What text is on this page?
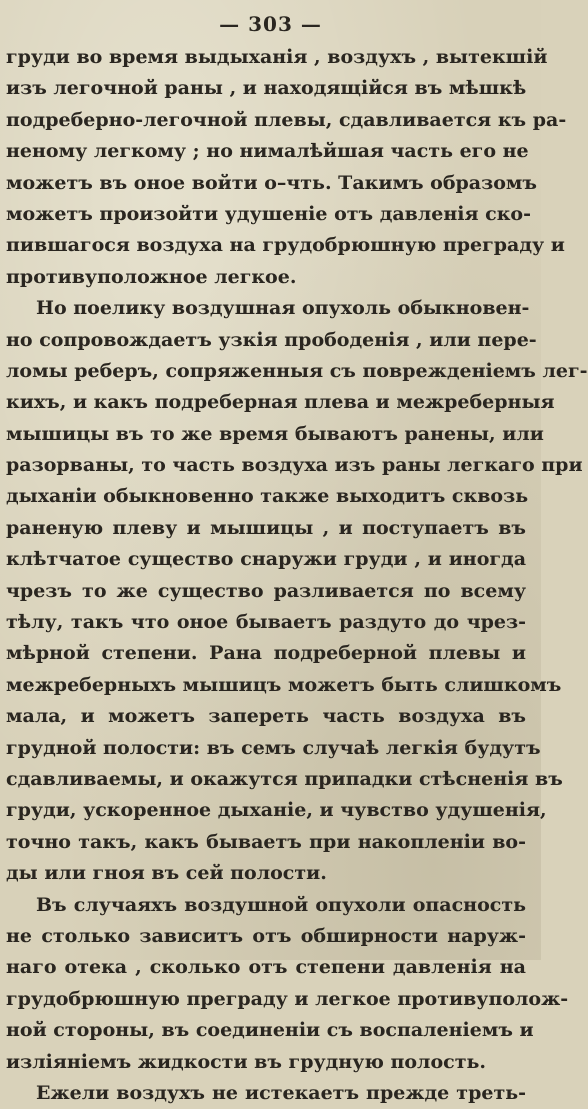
— 303 —
груди во время выдыханія , воздухъ , вытекшій
изъ легочной раны , и находящійся въ мѣшкѣ
подреберно-легочной плевы, сдавливается къ ра-
неному легкому ; но нималѣйшая часть его не
можетъ въ оное войти о–чть. Такимъ образомъ
можетъ произойти удушеніе отъ давленія ско-
пившагося воздуха на грудобрюшную преграду и
противуположное легкое.
Но поелику воздушная опухоль обыкновен-
но сопровождаетъ узкія прободенія , или пере-
ломы реберъ, сопряженныя съ поврежденіемъ лег-
кихъ, и какъ подреберная плева и межреберныя
мышицы въ то же время бываютъ ранены, или
разорваны, то часть воздуха изъ раны легкаго при
дыханіи обыкновенно также выходитъ сквозь
раненую плеву и мышицы , и поступаетъ въ
клѣтчатое существо снаружи груди , и иногда
чрезъ то же существо разливается по всему
тѣлу, такъ что оное бываетъ раздуто до чрез-
мѣрной степени. Рана подреберной плевы и
межреберныхъ мышицъ можетъ быть слишкомъ
мала, и можетъ запереть часть воздуха въ
грудной полости: въ семъ случаѣ легкія будутъ
сдавливаемы, и окажутся припадки стѣсненія въ
груди, ускоренное дыханіе, и чувство удушенія,
точно такъ, какъ бываетъ при накопленіи во-
ды или гноя въ сей полости.
Въ случаяхъ воздушной опухоли опасность
не столько зависитъ отъ обширности наруж-
наго отека , сколько отъ степени давленія на
грудобрюшную преграду и легкое противуполож-
ной стороны, въ соединеніи съ воспаленіемъ и
изліяніемъ жидкости въ грудную полость.
Ежели воздухъ не истекаетъ прежде треть-
